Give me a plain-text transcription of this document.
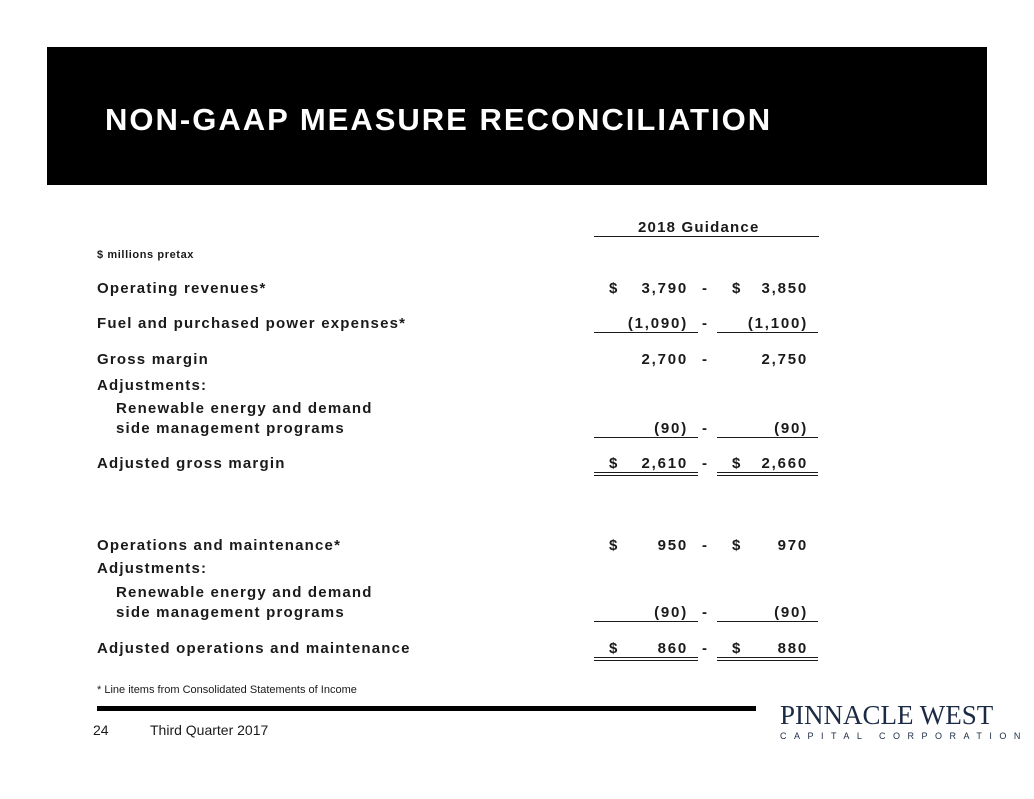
NON-GAAP MEASURE RECONCILIATION
2018 Guidance
$ millions pretax
Operating revenues*	$ 3,790 - $ 3,850
Fuel and purchased power expenses*	(1,090) -	(1,100)
Gross margin	2,700 -	2,750
Adjustments:
Renewable energy and demand
side management programs	(90) -	(90)
Adjusted gross margin	$ 2,610 - $ 2,660
Operations and maintenance*	$	950 - $ 970
Adjustments:
Renewable energy and demand
side management programs	(90) -	(90)
Adjusted operations and maintenance	$	860 - $ 880
* Line items from Consolidated Statements of Income
24	Third Quarter 2017	PINNACLE WEST
CAPITAL CORPORATION
